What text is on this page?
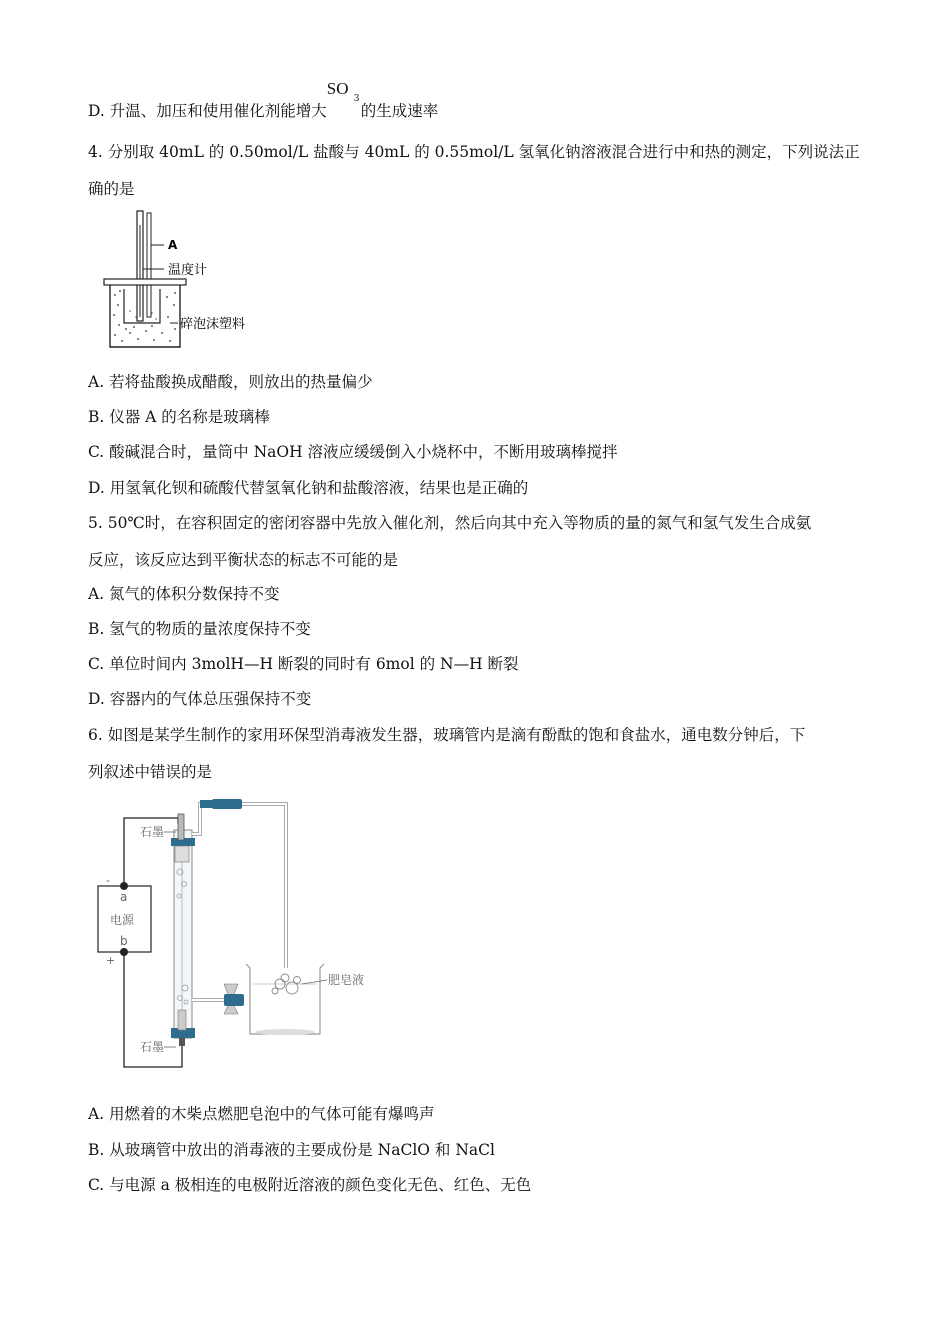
D. 升温、加压和使用催化剂能增大
SO
3
的生成速率
4. 分别取 40mL 的 0.50mol/L 盐酸与 40mL 的 0.55mol/L 氢氧化钠溶液混合进行中和热的测定，下列说法正
确的是
A
温度计
碎泡沫塑料
A. 若将盐酸换成醋酸，则放出的热量偏少
B. 仪器 A 的名称是玻璃棒
C. 酸碱混合时，量筒中 NaOH 溶液应缓缓倒入小烧杯中，不断用玻璃棒搅拌
D. 用氢氧化钡和硫酸代替氢氧化钠和盐酸溶液，结果也是正确的
5. 50℃时，在容积固定的密闭容器中先放入催化剂，然后向其中充入等物质的量的氮气和氢气发生合成氨
反应，该反应达到平衡状态的标志不可能的是
A. 氮气的体积分数保持不变
B. 氢气的物质的量浓度保持不变
C. 单位时间内 3molH—H 断裂的同时有 6mol 的 N—H 断裂
D. 容器内的气体总压强保持不变
6. 如图是某学生制作的家用环保型消毒液发生器，玻璃管内是滴有酚酞的饱和食盐水，通电数分钟后，下
列叙述中错误的是
-
+
a
电源
b
石墨
石墨
肥皂液
A. 用燃着的木柴点燃肥皂泡中的气体可能有爆鸣声
B. 从玻璃管中放出的消毒液的主要成份是 NaClO 和 NaCl
C. 与电源 a 极相连的电极附近溶液的颜色变化无色、红色、无色
